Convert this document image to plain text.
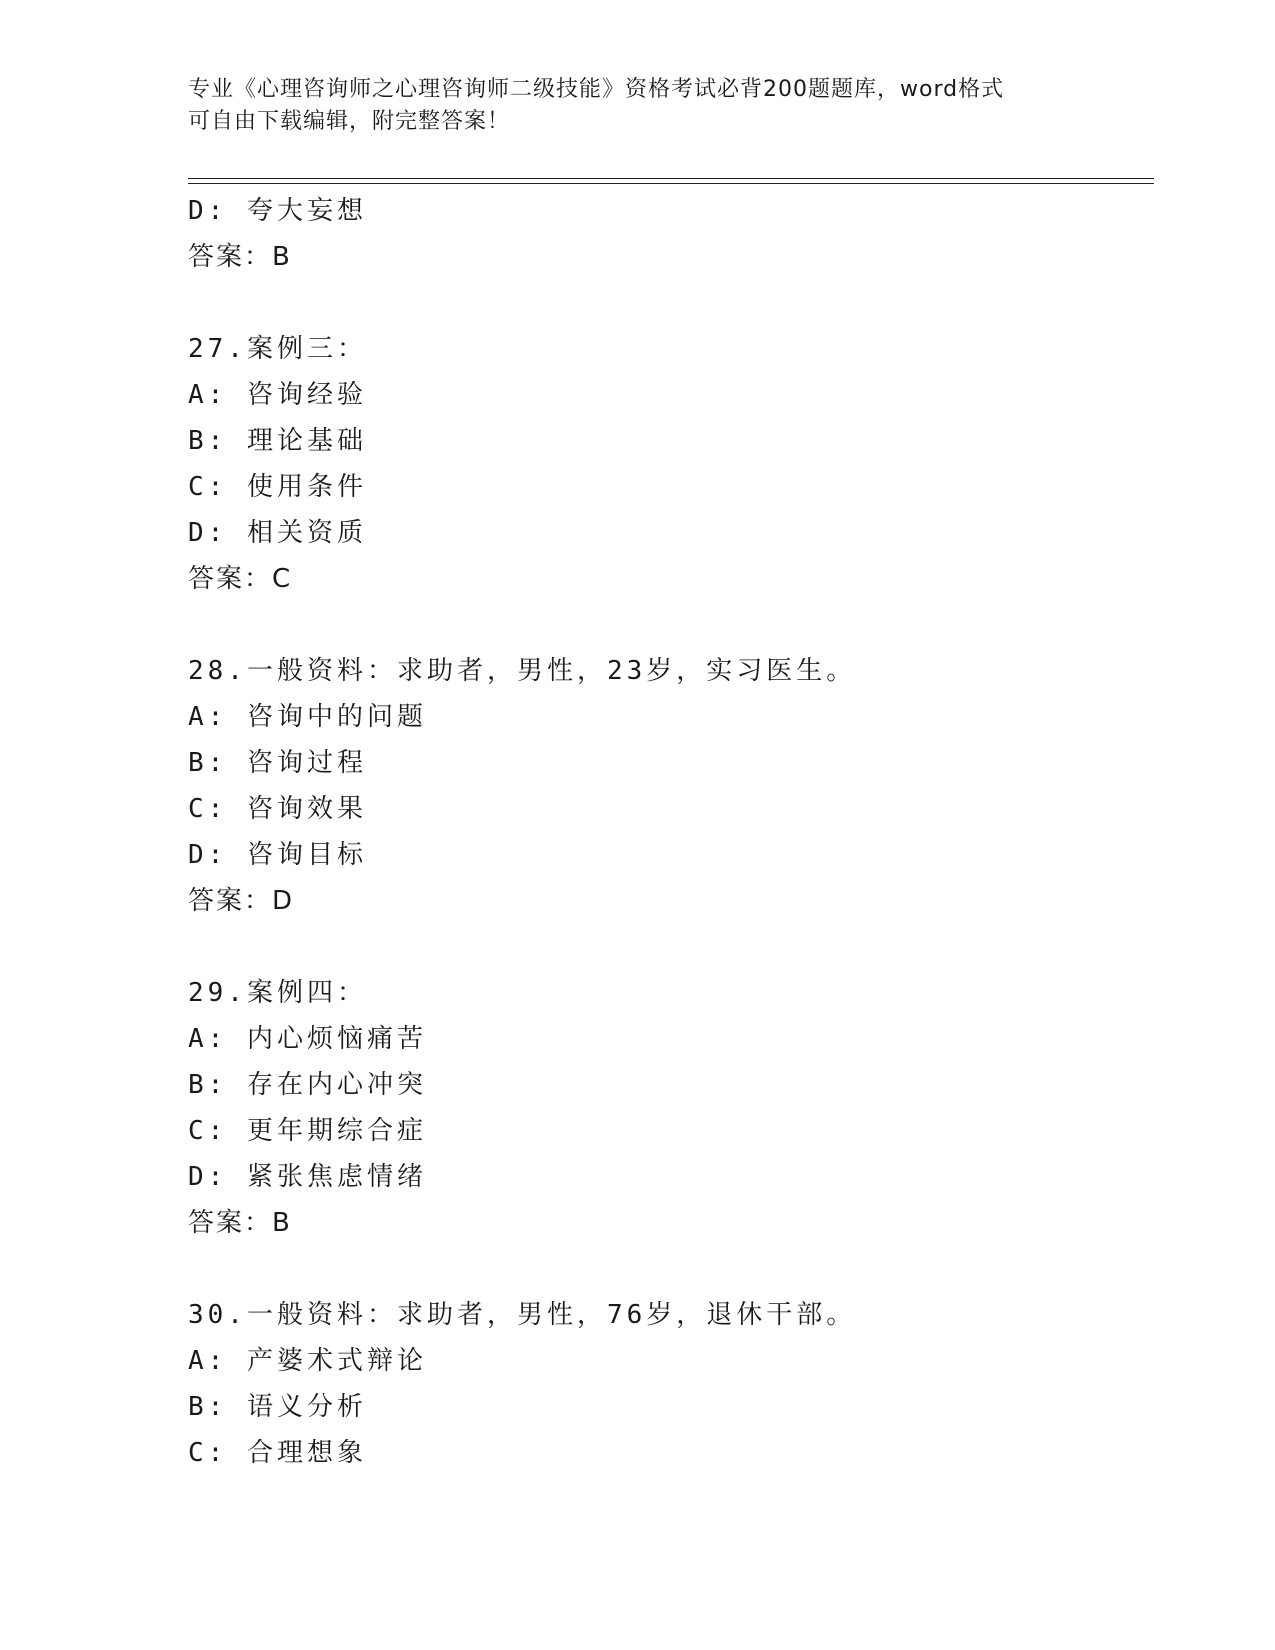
专业《心理咨询师之心理咨询师二级技能》资格考试必背200题题库，word格式
可自由下载编辑，附完整答案！
D: 夸大妄想
答案：B
27.案例三：
A: 咨询经验
B: 理论基础
C: 使用条件
D: 相关资质
答案：C
28.一般资料：求助者，男性，23岁，实习医生。
A: 咨询中的问题
B: 咨询过程
C: 咨询效果
D: 咨询目标
答案：D
29.案例四：
A: 内心烦恼痛苦
B: 存在内心冲突
C: 更年期综合症
D: 紧张焦虑情绪
答案：B
30.一般资料：求助者，男性，76岁，退休干部。
A: 产婆术式辩论
B: 语义分析
C: 合理想象
